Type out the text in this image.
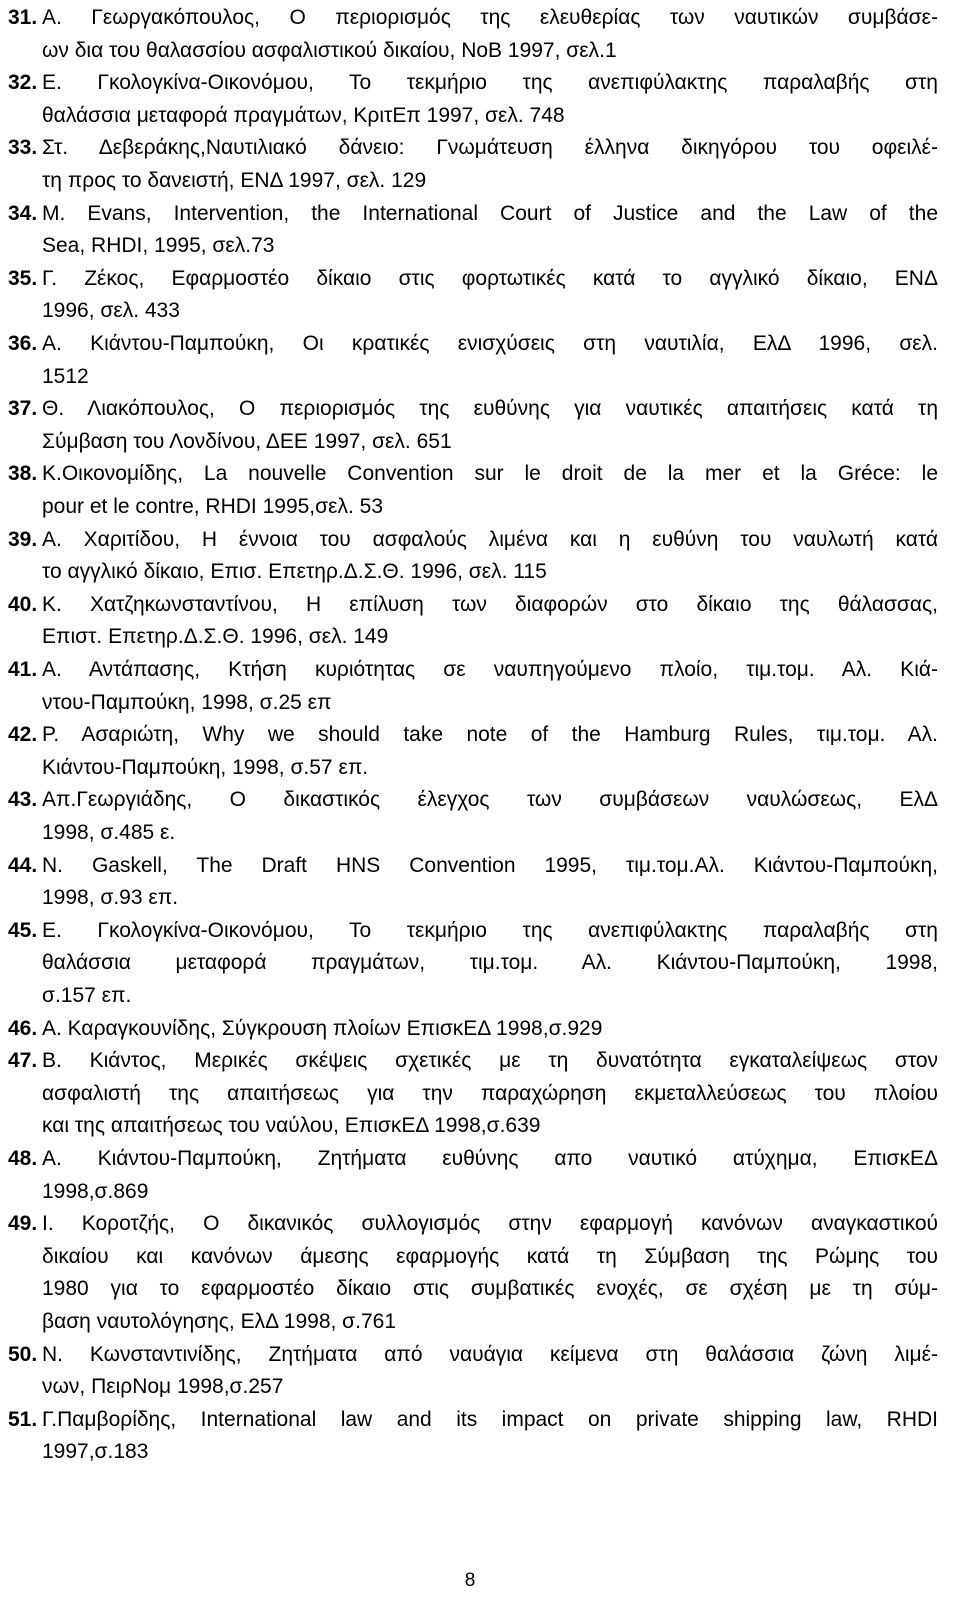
31. Α. Γεωργακόπουλος, Ο περιορισμός της ελευθερίας των ναυτικών συμβάσε-
ων δια του θαλασσίου ασφαλιστικού δικαίου, ΝοΒ 1997, σελ.1
32. Ε. Γκολογκίνα-Οικονόμου, Το τεκμήριο της ανεπιφύλακτης παραλαβής στη
θαλάσσια μεταφορά πραγμάτων, ΚριτΕπ 1997, σελ. 748
33. Στ. Δεβεράκης,Ναυτιλιακό δάνειο: Γνωμάτευση έλληνα δικηγόρου του οφειλέ-
τη προς το δανειστή, ΕΝΔ 1997, σελ. 129
34. Μ. Evans, Intervention, the International Court of Justice and the Law of the
Sea, RHDI, 1995, σελ.73
35. Γ. Ζέκος, Εφαρμοστέο δίκαιο στις φορτωτικές κατά το αγγλικό δίκαιο, ΕΝΔ
1996, σελ. 433
36. Α. Κιάντου-Παμπούκη, Οι κρατικές ενισχύσεις στη ναυτιλία, ΕλΔ 1996, σελ.
1512
37. Θ. Λιακόπουλος, Ο περιορισμός της ευθύνης για ναυτικές απαιτήσεις κατά τη
Σύμβαση του Λονδίνου, ΔΕΕ 1997, σελ. 651
38. Κ.Οικονομίδης, La nouvelle Convention sur le droit de la mer et la Gréce: le
pour et le contre, RHDI 1995,σελ. 53
39. Α. Χαριτίδου, Η έννοια του ασφαλούς λιμένα και η ευθύνη του ναυλωτή κατά
το αγγλικό δίκαιο, Επισ. Επετηρ.Δ.Σ.Θ. 1996, σελ. 115
40. Κ. Χατζηκωνσταντίνου, Η επίλυση των διαφορών στο δίκαιο της θάλασσας,
Επιστ. Επετηρ.Δ.Σ.Θ. 1996, σελ. 149
41. Α. Αντάπασης, Κτήση κυριότητας σε ναυπηγούμενο πλοίο, τιμ.τομ. Αλ. Κιά-
ντου-Παμπούκη, 1998, σ.25 επ
42. Ρ. Ασαριώτη, Why we should take note of the Hamburg Rules, τιμ.τομ. Αλ.
Κιάντου-Παμπούκη, 1998, σ.57 επ.
43. Απ.Γεωργιάδης, Ο δικαστικός έλεγχος των συμβάσεων ναυλώσεως, ΕλΔ
1998, σ.485 ε.
44. Ν. Gaskell, The Draft HNS Convention 1995, τιμ.τομ.Αλ. Κιάντου-Παμπούκη,
1998, σ.93 επ.
45. Ε. Γκολογκίνα-Οικονόμου, Το τεκμήριο της ανεπιφύλακτης παραλαβής στη
θαλάσσια μεταφορά πραγμάτων, τιμ.τομ. Αλ. Κιάντου-Παμπούκη, 1998,
σ.157 επ.
46. Α. Καραγκουνίδης, Σύγκρουση πλοίων ΕπισκΕΔ 1998,σ.929
47. Β. Κιάντος, Μερικές σκέψεις σχετικές με τη δυνατότητα εγκαταλείψεως στον
ασφαλιστή της απαιτήσεως για την παραχώρηση εκμεταλλεύσεως του πλοίου
και της απαιτήσεως του ναύλου, ΕπισκΕΔ 1998,σ.639
48. Α. Κιάντου-Παμπούκη, Ζητήματα ευθύνης απο ναυτικό ατύχημα, ΕπισκΕΔ
1998,σ.869
49. Ι. Κοροτζής, Ο δικανικός συλλογισμός στην εφαρμογή κανόνων αναγκαστικού
δικαίου και κανόνων άμεσης εφαρμογής κατά τη Σύμβαση της Ρώμης του
1980 για το εφαρμοστέο δίκαιο στις συμβατικές ενοχές, σε σχέση με τη σύμ-
βαση ναυτολόγησης, ΕλΔ 1998, σ.761
50. Ν. Κωνσταντινίδης, Ζητήματα από ναυάγια κείμενα στη θαλάσσια ζώνη λιμέ-
νων, ΠειρΝομ 1998,σ.257
51. Γ.Παμβορίδης, International law and its impact on private shipping law, RHDI
1997,σ.183
8
